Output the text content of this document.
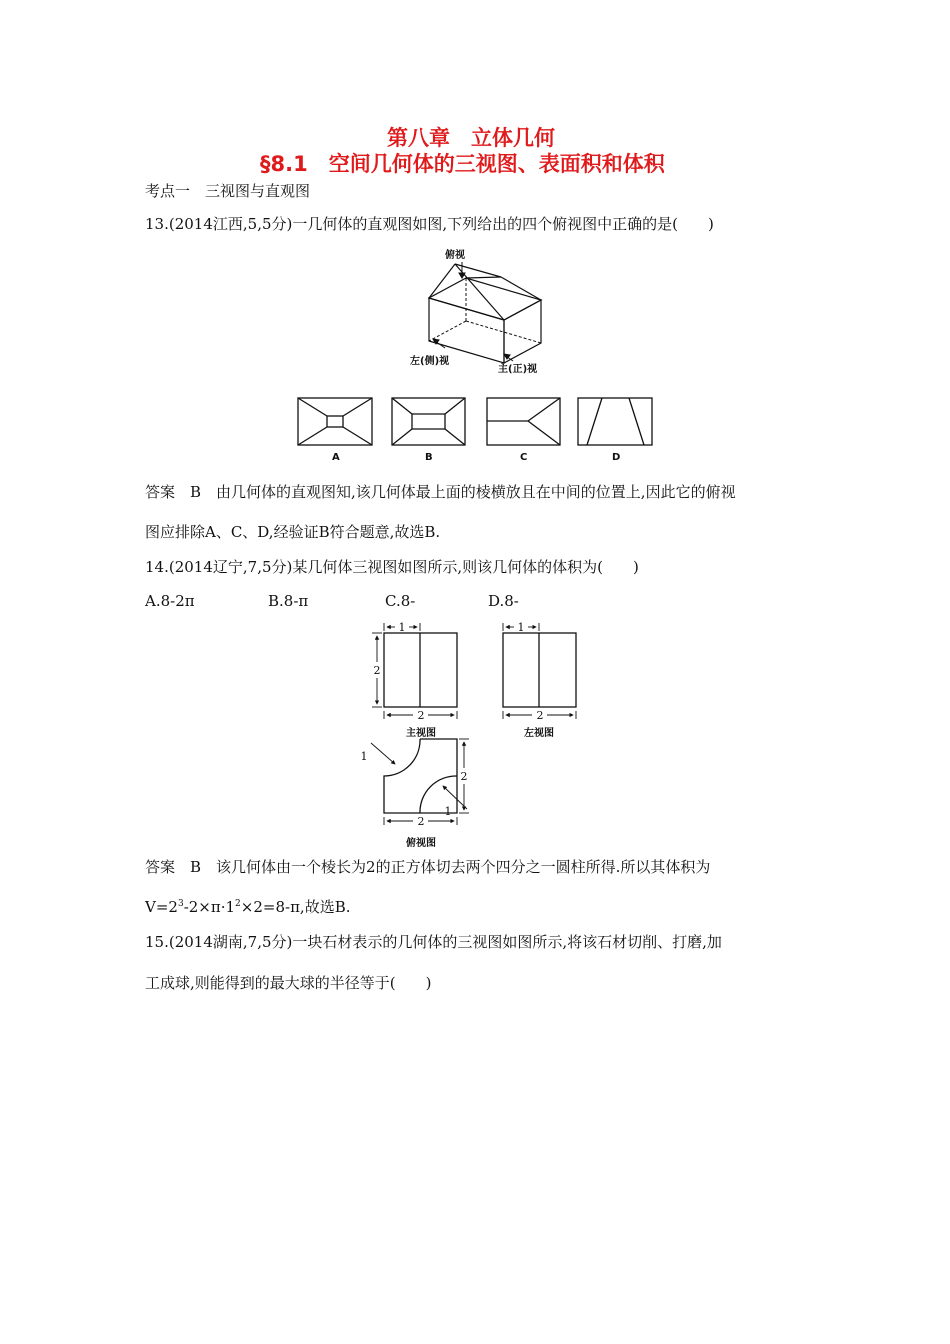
第八章　立体几何
§8.1　空间几何体的三视图、表面积和体积
考点一　三视图与直观图
13.(2014江西,5,5分)一几何体的直观图如图,下列给出的四个俯视图中正确的是(　　)
俯视
左(侧)视
主(正)视
A	B	C	D
答案　B　由几何体的直观图知,该几何体最上面的棱横放且在中间的位置上,因此它的俯视
图应排除A、C、D,经验证B符合题意,故选B.
14.(2014辽宁,7,5分)某几何体三视图如图所示,则该几何体的体积为(　　)
A.8-2π	B.8-π	C.8-	D.8-
1	1
2
2	2
2
2
1
1
主视图	左视图
俯视图
答案　B　该几何体由一个棱长为2的正方体切去两个四分之一圆柱所得.所以其体积为
$V=2^3-2\times\pi\cdot 1^2\times 2=8-\pi$,故选B.
15.(2014湖南,7,5分)一块石材表示的几何体的三视图如图所示,将该石材切削、打磨,加
工成球,则能得到的最大球的半径等于(　　)
